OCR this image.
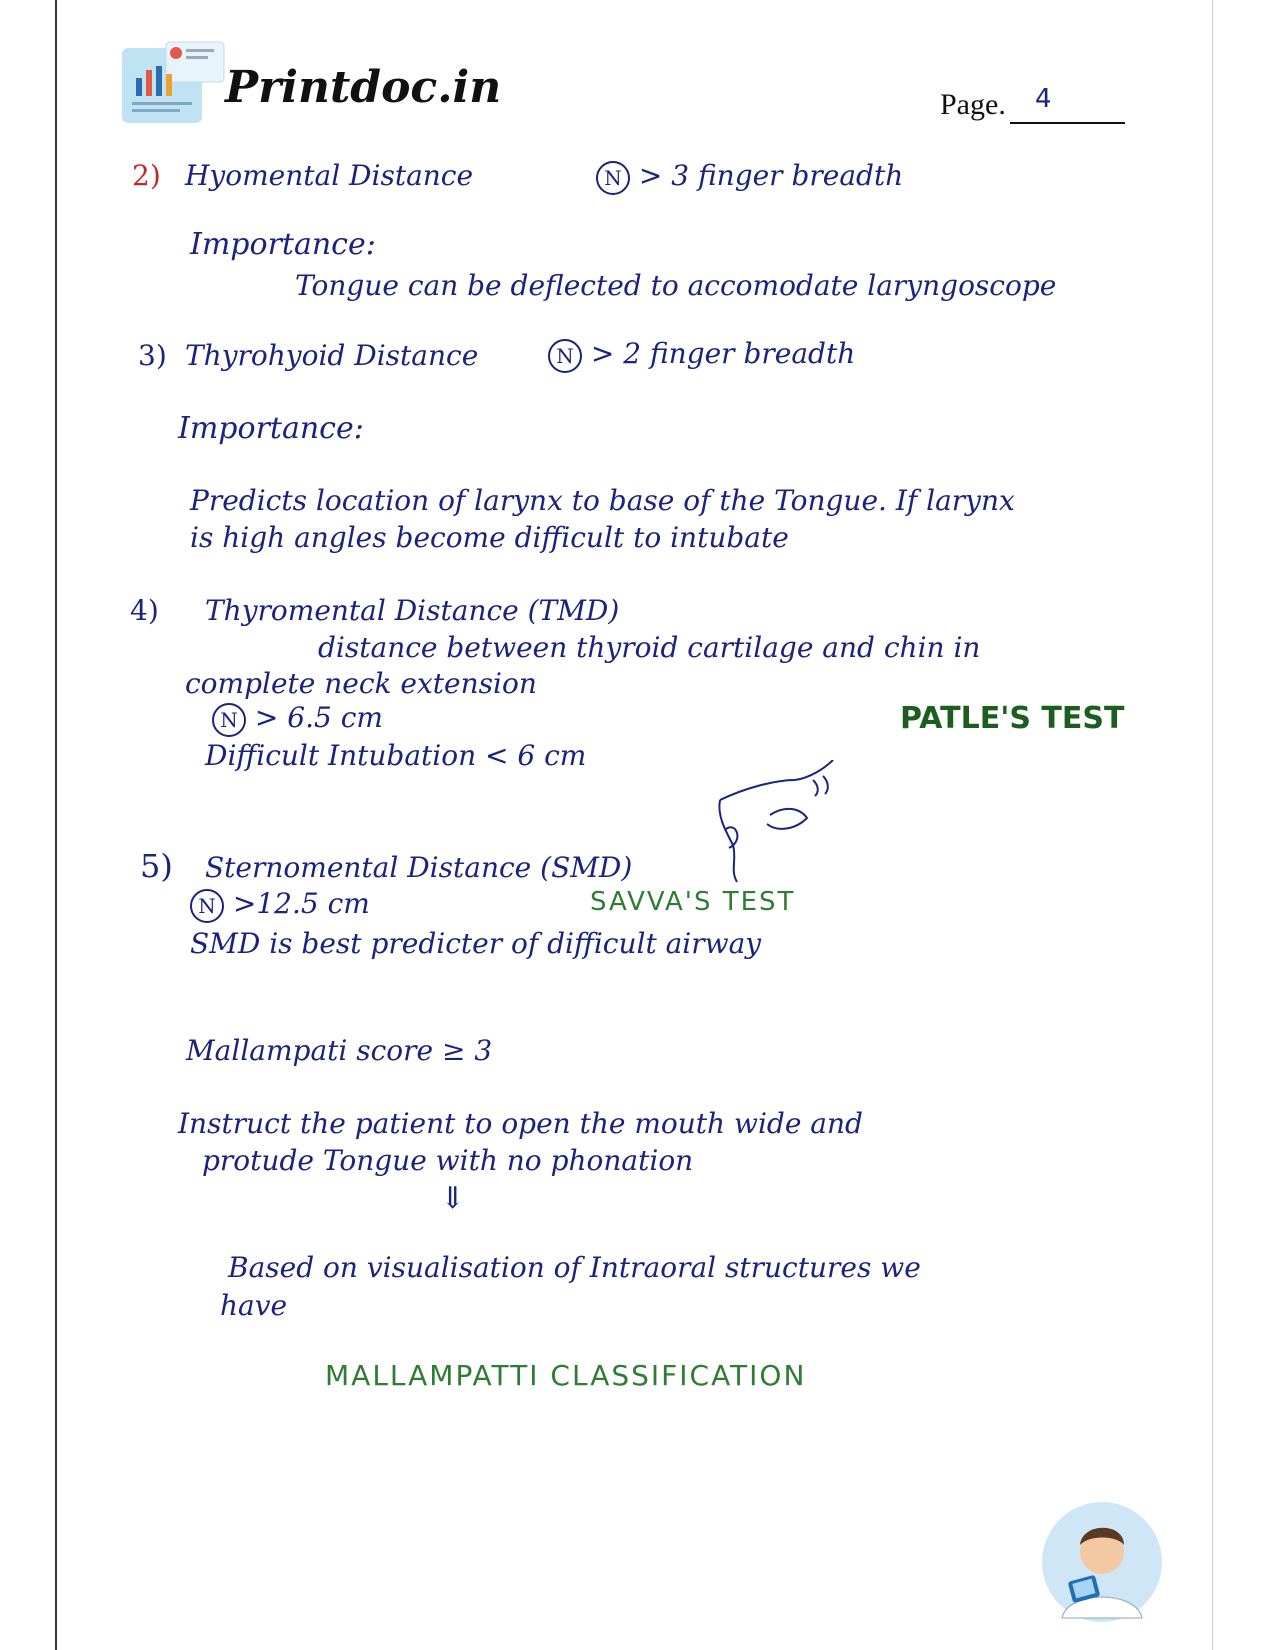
Printdoc.in	Page.	4
2) Hyomental Distance	N > 3 finger breadth
Importance:
Tongue can be deflected to accomodate laryngoscope
3) Thyrohyoid Distance	N > 2 finger breadth
Importance:
Predicts location of larynx to base of the Tongue. If larynx
is high angles become difficult to intubate
4) Thyromental Distance (TMD)
distance between thyroid cartilage and chin in
complete neck extension
N > 6.5 cm
Difficult Intubation < 6 cm
PATLE'S TEST
5) Sternomental Distance (SMD)
N >12.5 cm	SAVVA'S TEST
SMD is best predicter of difficult airway
Mallampati score ≥ 3
Instruct the patient to open the mouth wide and
protude Tongue with no phonation
⇓
Based on visualisation of Intraoral structures we
have
MALLAMPATTI CLASSIFICATION
